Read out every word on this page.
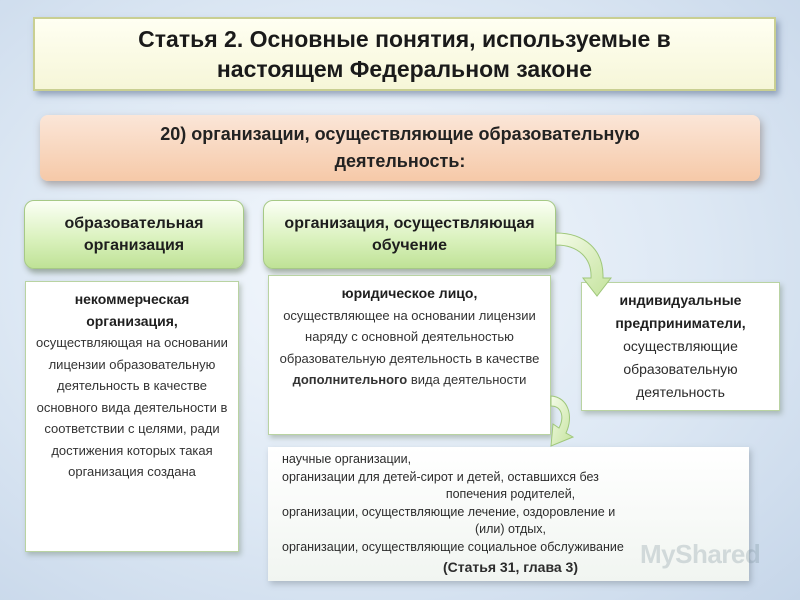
Статья 2. Основные понятия, используемые в настоящем Федеральном законе
20) организации, осуществляющие образовательную деятельность:
образовательная организация
организация, осуществляющая обучение
некоммерческая организация,
осуществляющая на основании лицензии образовательную деятельность в качестве основного вида деятельности в соответствии с целями, ради достижения которых такая организация создана
юридическое лицо,
осуществляющее на основании лицензии наряду с основной деятельностью образовательную деятельность в качестве дополнительного вида деятельности
индивидуальные предприниматели,
осуществляющие образовательную деятельность
научные организации,
организации для детей-сирот и детей, оставшихся без
попечения родителей,
организации, осуществляющие лечение, оздоровление и
(или) отдых,
организации, осуществляющие социальное обслуживание
(Статья 31, глава 3)	MyShared
